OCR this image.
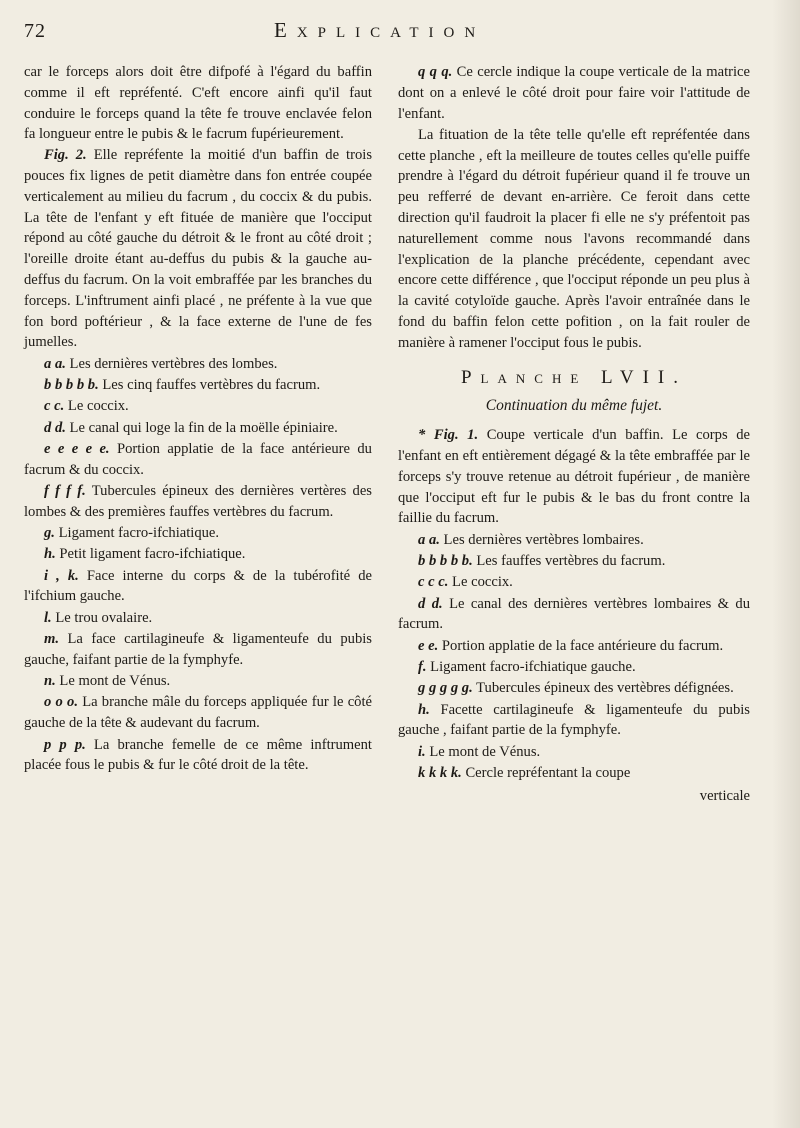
72	Explication

car le forceps alors doit être difpofé à l'égard du baffin comme il eft repréfenté. C'eft encore ainfi qu'il faut conduire le forceps quand la tête fe trouve enclavée felon fa longueur entre le pubis & le facrum fupérieurement.

Fig. 2. Elle repréfente la moitié d'un baffin de trois pouces fix lignes de petit diamètre dans fon entrée coupée verticalement au milieu du facrum , du coccix & du pubis. La tête de l'enfant y eft fituée de manière que l'occiput répond au côté gauche du détroit & le front au côté droit ; l'oreille droite étant au-deffus du pubis & la gauche au-deffus du facrum. On la voit embraffée par les branches du forceps. L'inftrument ainfi placé , ne préfente à la vue que fon bord poftérieur , & la face externe de l'une de fes jumelles.

a a. Les dernières vertèbres des lombes.

b b b b b. Les cinq fauffes vertèbres du facrum.

c c. Le coccix.

d d. Le canal qui loge la fin de la moëlle épiniaire.

e e e e e. Portion applatie de la face antérieure du facrum & du coccix.

f f f f. Tubercules épineux des dernières vertères des lombes & des premières fauffes vertèbres du facrum.

g. Ligament facro-ifchiatique.

h. Petit ligament facro-ifchiatique.

i , k. Face interne du corps & de la tubérofité de l'ifchium gauche.

l. Le trou ovalaire.

m. La face cartilagineufe & ligamenteufe du pubis gauche, faifant partie de la fymphyfe.

n. Le mont de Vénus.

o o o. La branche mâle du forceps appliquée fur le côté gauche de la tête & audevant du facrum.

p p p. La branche femelle de ce même inftrument placée fous le pubis & fur le côté droit de la tête.

q q q. Ce cercle indique la coupe verticale de la matrice dont on a enlevé le côté droit pour faire voir l'attitude de l'enfant.

La fituation de la tête telle qu'elle eft repréfentée dans cette planche , eft la meilleure de toutes celles qu'elle puiffe prendre à l'égard du détroit fupérieur quand il fe trouve un peu refferré de devant en-arrière. Ce feroit dans cette direction qu'il faudroit la placer fi elle ne s'y préfentoit pas naturellement comme nous l'avons recommandé dans l'explication de la planche précédente, cependant avec encore cette différence , que l'occiput réponde un peu plus à la cavité cotyloïde gauche. Après l'avoir entraînée dans le fond du baffin felon cette pofition , on la fait rouler de manière à ramener l'occiput fous le pubis.

Planche LVII.
Continuation du même fujet.

* Fig. 1. Coupe verticale d'un baffin. Le corps de l'enfant en eft entièrement dégagé & la tête embraffée par le forceps s'y trouve retenue au détroit fupérieur , de manière que l'occiput eft fur le pubis & le bas du front contre la faillie du facrum.

a a. Les dernières vertèbres lombaires.

b b b b b. Les fauffes vertèbres du facrum.

c c c. Le coccix.

d d. Le canal des dernières vertèbres lombaires & du facrum.

e e. Portion applatie de la face antérieure du facrum.

f. Ligament facro-ifchiatique gauche.

g g g g g. Tubercules épineux des vertèbres défignées.

h. Facette cartilagineufe & ligamenteufe du pubis gauche , faifant partie de la fymphyfe.

i. Le mont de Vénus.

k k k k. Cercle repréfentant la coupe

verticale
